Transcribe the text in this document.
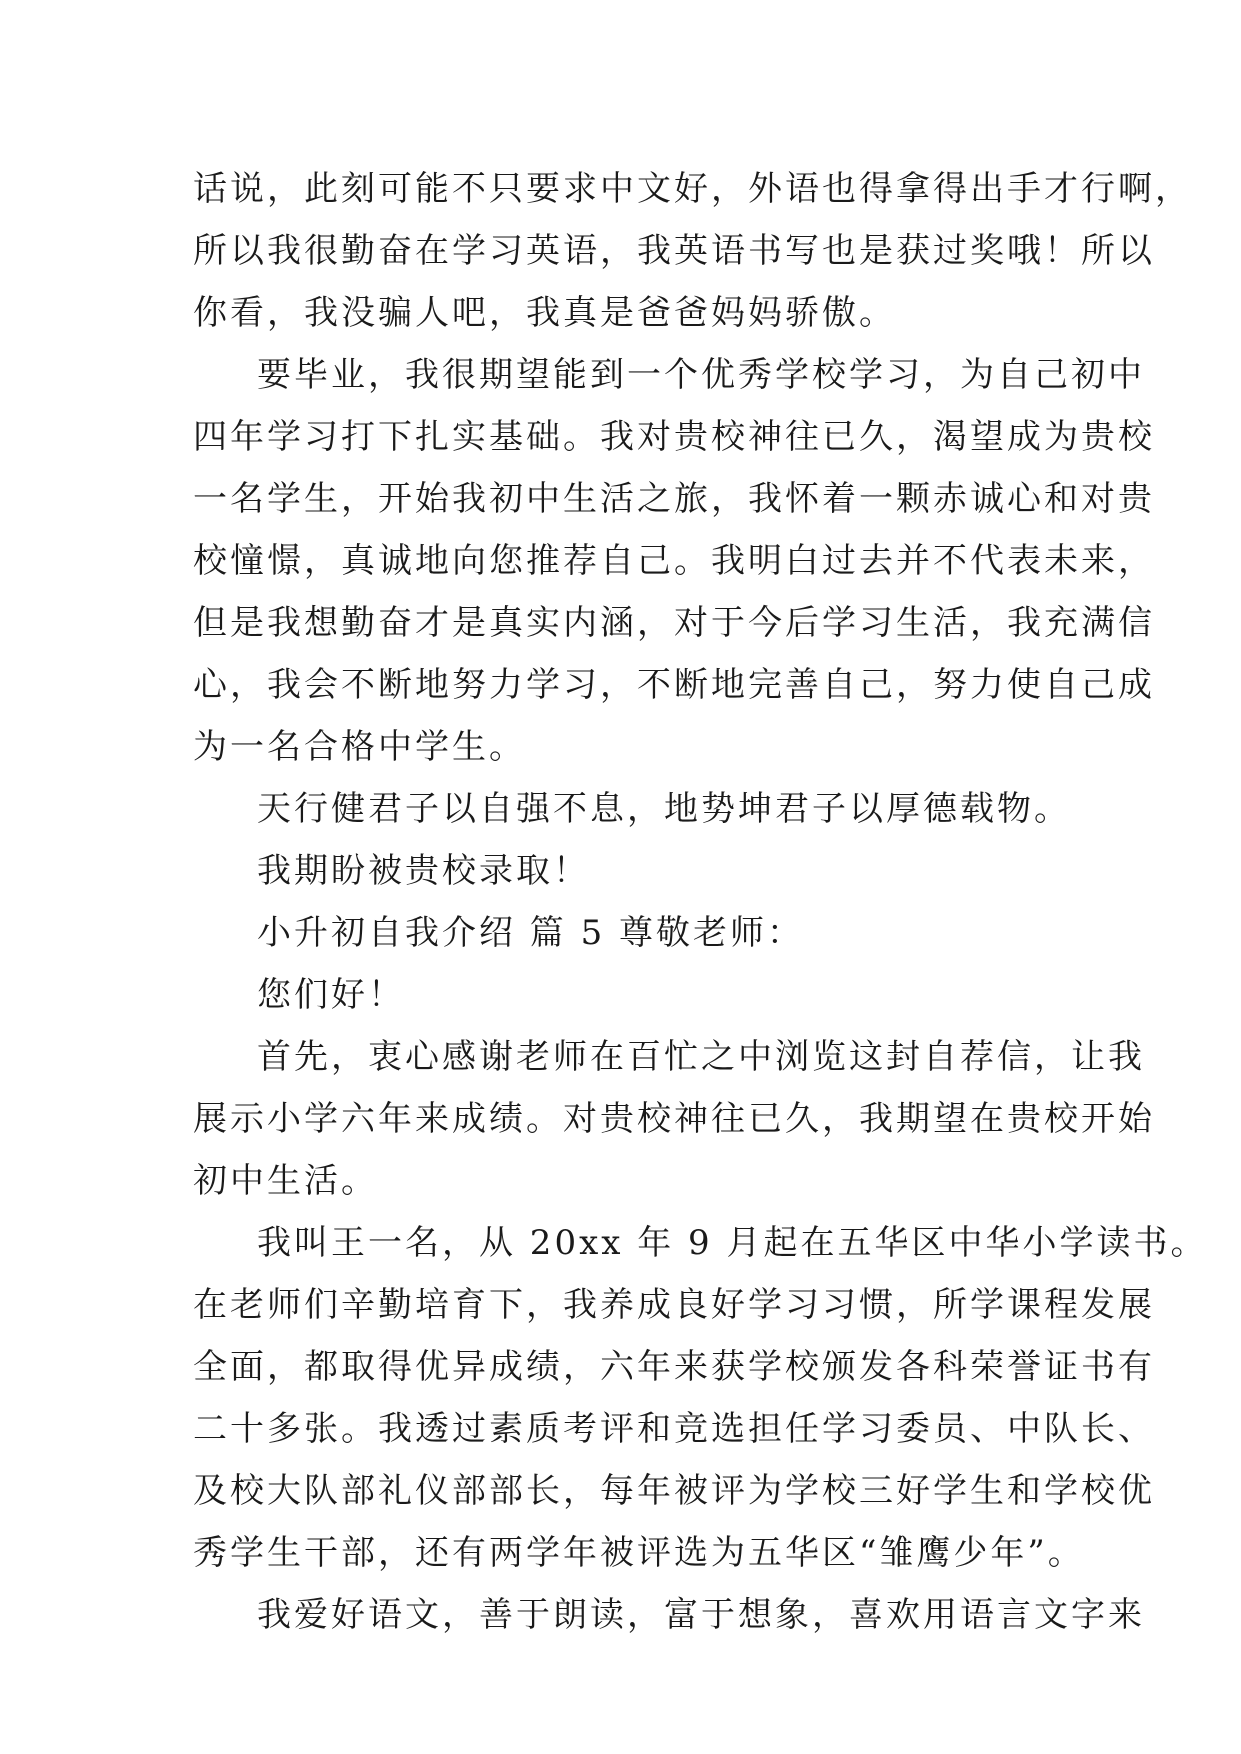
话说，此刻可能不只要求中文好，外语也得拿得出手才行啊，
所以我很勤奋在学习英语，我英语书写也是获过奖哦！所以
你看，我没骗人吧，我真是爸爸妈妈骄傲。
要毕业，我很期望能到一个优秀学校学习，为自己初中
四年学习打下扎实基础。我对贵校神往已久，渴望成为贵校
一名学生，开始我初中生活之旅，我怀着一颗赤诚心和对贵
校憧憬，真诚地向您推荐自己。我明白过去并不代表未来，
但是我想勤奋才是真实内涵，对于今后学习生活，我充满信
心，我会不断地努力学习，不断地完善自己，努力使自己成
为一名合格中学生。
天行健君子以自强不息，地势坤君子以厚德载物。
我期盼被贵校录取！
小升初自我介绍 篇 5 尊敬老师：
您们好！
首先，衷心感谢老师在百忙之中浏览这封自荐信，让我
展示小学六年来成绩。对贵校神往已久，我期望在贵校开始
初中生活。
我叫王一名，从 20xx 年 9 月起在五华区中华小学读书。
在老师们辛勤培育下，我养成良好学习习惯，所学课程发展
全面，都取得优异成绩，六年来获学校颁发各科荣誉证书有
二十多张。我透过素质考评和竞选担任学习委员、中队长、
及校大队部礼仪部部长，每年被评为学校三好学生和学校优
秀学生干部，还有两学年被评选为五华区“雏鹰少年”。
我爱好语文，善于朗读，富于想象，喜欢用语言文字来
